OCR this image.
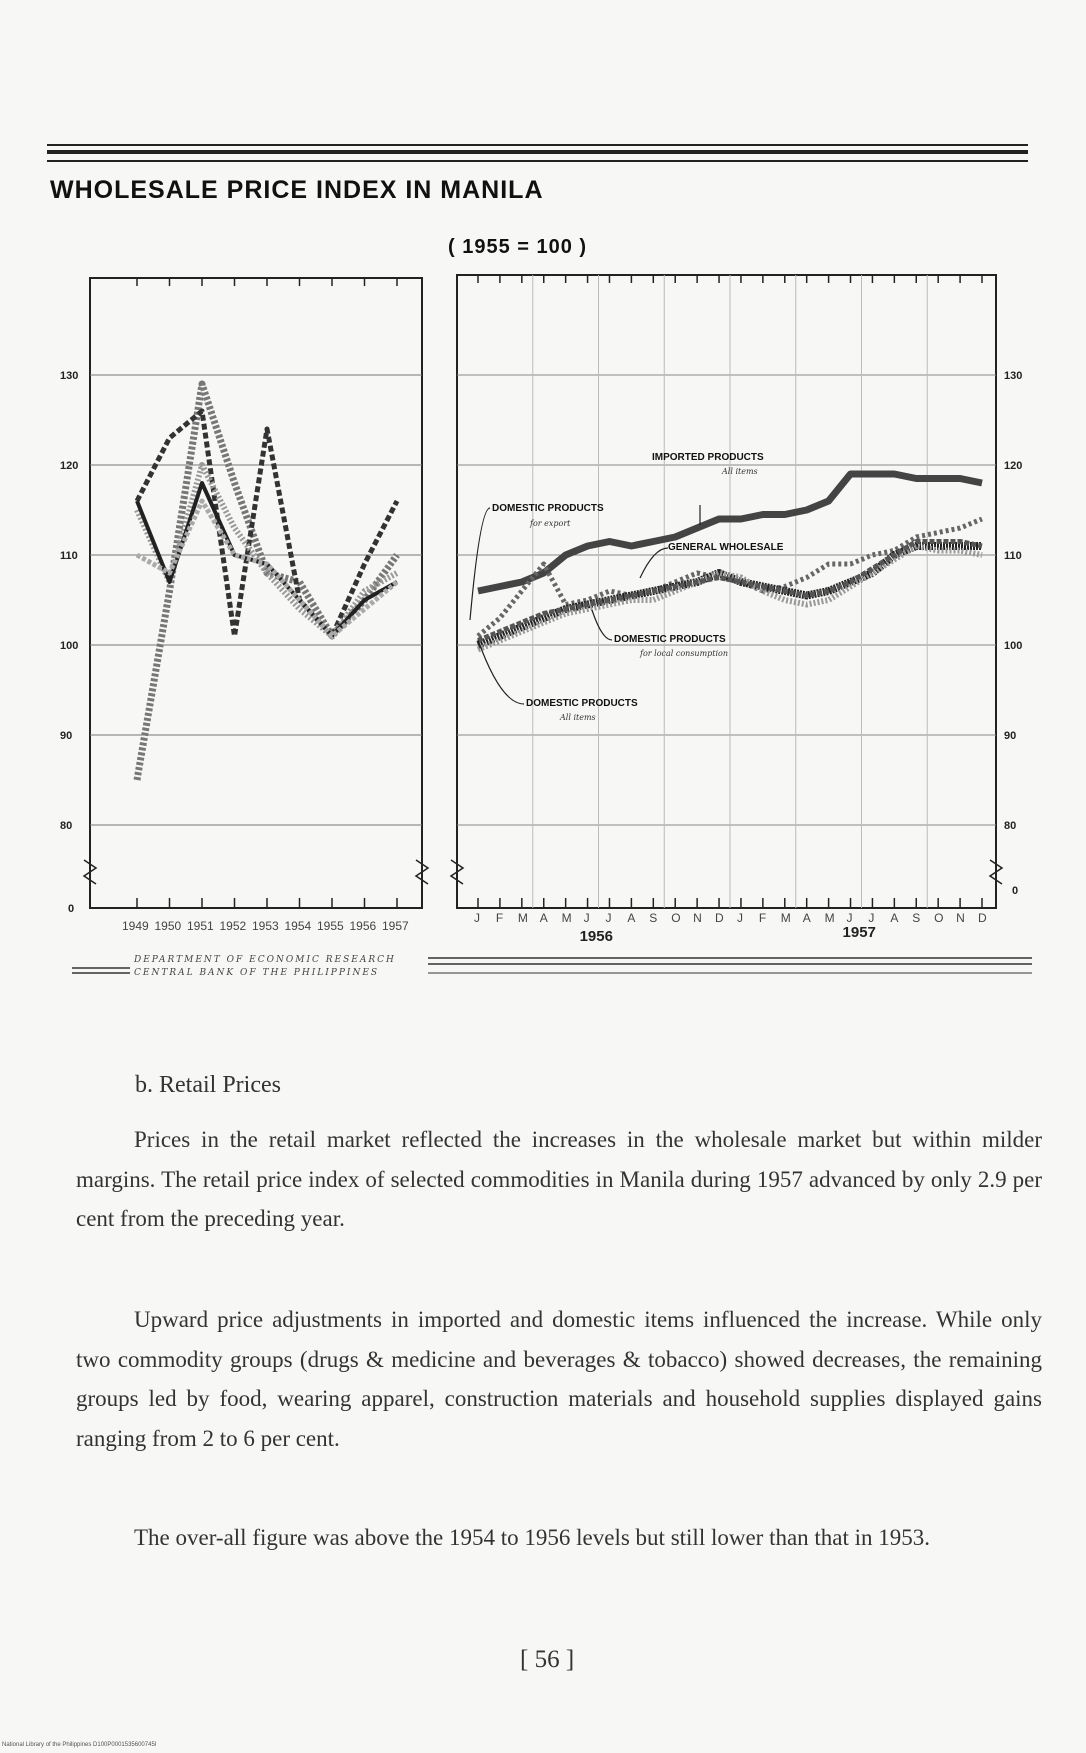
WHOLESALE PRICE INDEX IN MANILA
( 1955 = 100 )
130
120
110
100
90
80
0
1949 1950 1951 1952 1953 1954 1955 1956 1957
130
120
110
100
90
80
0
J F M A M J J A S O N D J F M A M J J A S O N D
1956	1957
IMPORTED PRODUCTS
All items
DOMESTIC PRODUCTS
for export
GENERAL WHOLESALE
DOMESTIC PRODUCTS
for local consumption
DOMESTIC PRODUCTS
All items
DEPARTMENT OF ECONOMIC RESEARCH
CENTRAL BANK OF THE PHILIPPINES
b. Retail Prices

Prices in the retail market reflected the increases in the wholesale market but within milder margins. The retail price index of selected commodities in Manila during 1957 advanced by only 2.9 per cent from the preceding year.

Upward price adjustments in imported and domestic items influenced the increase. While only two commodity groups (drugs & medicine and beverages & tobacco) showed decreases, the remaining groups led by food, wearing apparel, construction materials and household supplies displayed gains ranging from 2 to 6 per cent.

The over-all figure was above the 1954 to 1956 levels but still lower than that in 1953.

[ 56 ]
National Library of the Philippines D100P0001535600745I
